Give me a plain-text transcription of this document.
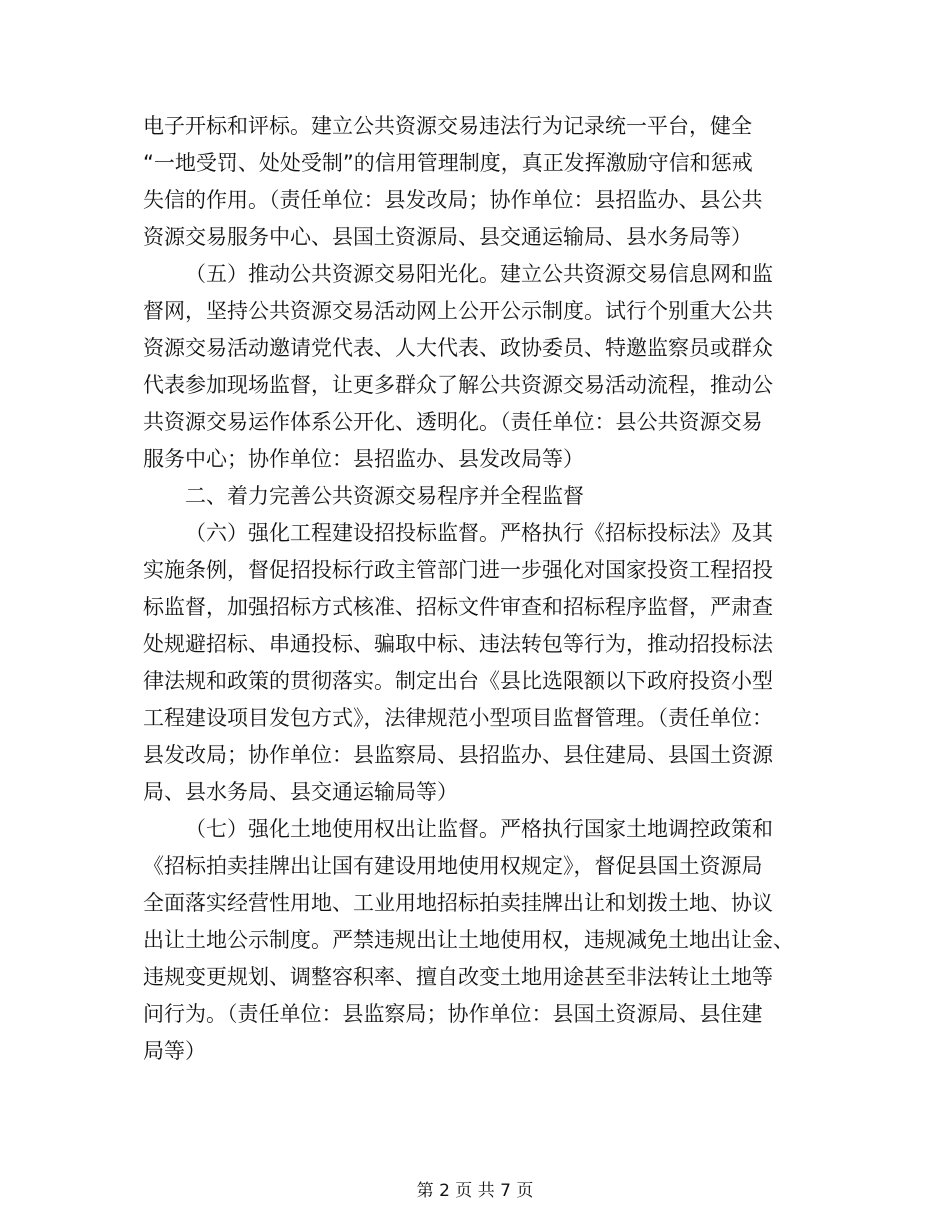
电子开标和评标。建立公共资源交易违法行为记录统一平台，健全
“一地受罚、处处受制”的信用管理制度，真正发挥激励守信和惩戒
失信的作用。（责任单位：县发改局；协作单位：县招监办、县公共
资源交易服务中心、县国土资源局、县交通运输局、县水务局等）
（五）推动公共资源交易阳光化。建立公共资源交易信息网和监
督网，坚持公共资源交易活动网上公开公示制度。试行个别重大公共
资源交易活动邀请党代表、人大代表、政协委员、特邀监察员或群众
代表参加现场监督，让更多群众了解公共资源交易活动流程，推动公
共资源交易运作体系公开化、透明化。（责任单位：县公共资源交易
服务中心；协作单位：县招监办、县发改局等）
二、着力完善公共资源交易程序并全程监督
（六）强化工程建设招投标监督。严格执行《招标投标法》及其
实施条例，督促招投标行政主管部门进一步强化对国家投资工程招投
标监督，加强招标方式核准、招标文件审查和招标程序监督，严肃查
处规避招标、串通投标、骗取中标、违法转包等行为，推动招投标法
律法规和政策的贯彻落实。制定出台《县比选限额以下政府投资小型
工程建设项目发包方式》，法律规范小型项目监督管理。（责任单位：
县发改局；协作单位：县监察局、县招监办、县住建局、县国土资源
局、县水务局、县交通运输局等）
（七）强化土地使用权出让监督。严格执行国家土地调控政策和
《招标拍卖挂牌出让国有建设用地使用权规定》，督促县国土资源局
全面落实经营性用地、工业用地招标拍卖挂牌出让和划拨土地、协议
出让土地公示制度。严禁违规出让土地使用权，违规减免土地出让金、
违规变更规划、调整容积率、擅自改变土地用途甚至非法转让土地等
问行为。（责任单位：县监察局；协作单位：县国土资源局、县住建
局等）
第 2 页 共 7 页
